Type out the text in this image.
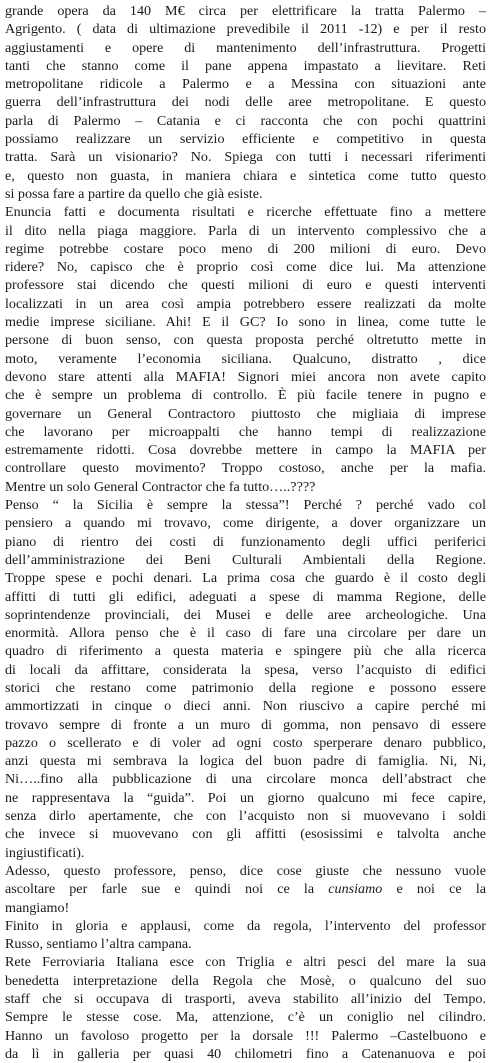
grande opera da 140 M€ circa per elettrificare la tratta Palermo –
Agrigento. ( data di ultimazione prevedibile il 2011 -12) e per il resto
aggiustamenti e opere di mantenimento dell’infrastruttura. Progetti
tanti che stanno come il pane appena impastato a lievitare. Reti
metropolitane ridicole a Palermo e a Messina con situazioni ante
guerra dell’infrastruttura dei nodi delle aree metropolitane. E questo
parla di Palermo – Catania e ci racconta che con pochi quattrini
possiamo realizzare un servizio efficiente e competitivo in questa
tratta. Sarà un visionario? No. Spiega con tutti i necessari riferimenti
e, questo non guasta, in maniera chiara e sintetica come tutto questo
si possa fare a partire da quello che già esiste.
Enuncia fatti e documenta risultati e ricerche effettuate fino a mettere
il dito nella piaga maggiore. Parla di un intervento complessivo che a
regime potrebbe costare poco meno di 200 milioni di euro. Devo
ridere? No, capisco che è proprio così come dice lui. Ma attenzione
professore stai dicendo che questi milioni di euro e questi interventi
localizzati in un area così ampia potrebbero essere realizzati da molte
medie imprese siciliane. Ahi! E il GC? Io sono in linea, come tutte le
persone di buon senso, con questa proposta perché oltretutto mette in
moto, veramente l’economia siciliana. Qualcuno, distratto , dice
devono stare attenti alla MAFIA! Signori miei ancora non avete capito
che è sempre un problema di controllo. È più facile tenere in pugno e
governare un General Contractoro piuttosto che migliaia di imprese
che lavorano per microappalti che hanno tempi di realizzazione
estremamente ridotti. Cosa dovrebbe mettere in campo la MAFIA per
controllare questo movimento? Troppo costoso, anche per la mafia.
Mentre un solo General Contractor che fa tutto…..????
Penso “ la Sicilia è sempre la stessa”! Perché ? perché vado col
pensiero a quando mi trovavo, come dirigente, a dover organizzare un
piano di rientro dei costi di funzionamento degli uffici periferici
dell’amministrazione dei Beni Culturali Ambientali della Regione.
Troppe spese e pochi denari. La prima cosa che guardo è il costo degli
affitti di tutti gli edifici, adeguati a spese di mamma Regione, delle
soprintendenze provinciali, dei Musei e delle aree archeologiche. Una
enormità. Allora penso che è il caso di fare una circolare per dare un
quadro di riferimento a questa materia e spingere più che alla ricerca
di locali da affittare, considerata la spesa, verso l’acquisto di edifici
storici che restano come patrimonio della regione e possono essere
ammortizzati in cinque o dieci anni. Non riuscivo a capire perché mi
trovavo sempre di fronte a un muro di gomma, non pensavo di essere
pazzo o scellerato e di voler ad ogni costo sperperare denaro pubblico,
anzi questa mi sembrava la logica del buon padre di famiglia. Ni, Ni,
Ni…..fino alla pubblicazione di una circolare monca dell’abstract che
ne rappresentava la “guida”. Poi un giorno qualcuno mi fece capire,
senza dirlo apertamente, che con l’acquisto non si muovevano i soldi
che invece si muovevano con gli affitti (esosissimi e talvolta anche
ingiustificati).
Adesso, questo professore, penso, dice cose giuste che nessuno vuole
ascoltare per farle sue e quindi noi ce la cunsiamo e noi ce la
mangiamo!
Finito in gloria e applausi, come da regola, l’intervento del professor
Russo, sentiamo l’altra campana.
Rete Ferroviaria Italiana esce con Triglia e altri pesci del mare la sua
benedetta interpretazione della Regola che Mosè, o qualcuno del suo
staff che si occupava di trasporti, aveva stabilito all’inizio del Tempo.
Sempre le stesse cose. Ma, attenzione, c’è un coniglio nel cilindro.
Hanno un favoloso progetto per la dorsale !!! Palermo –Castelbuono e
da lì in galleria per quasi 40 chilometri fino a Catenanuova e poi
